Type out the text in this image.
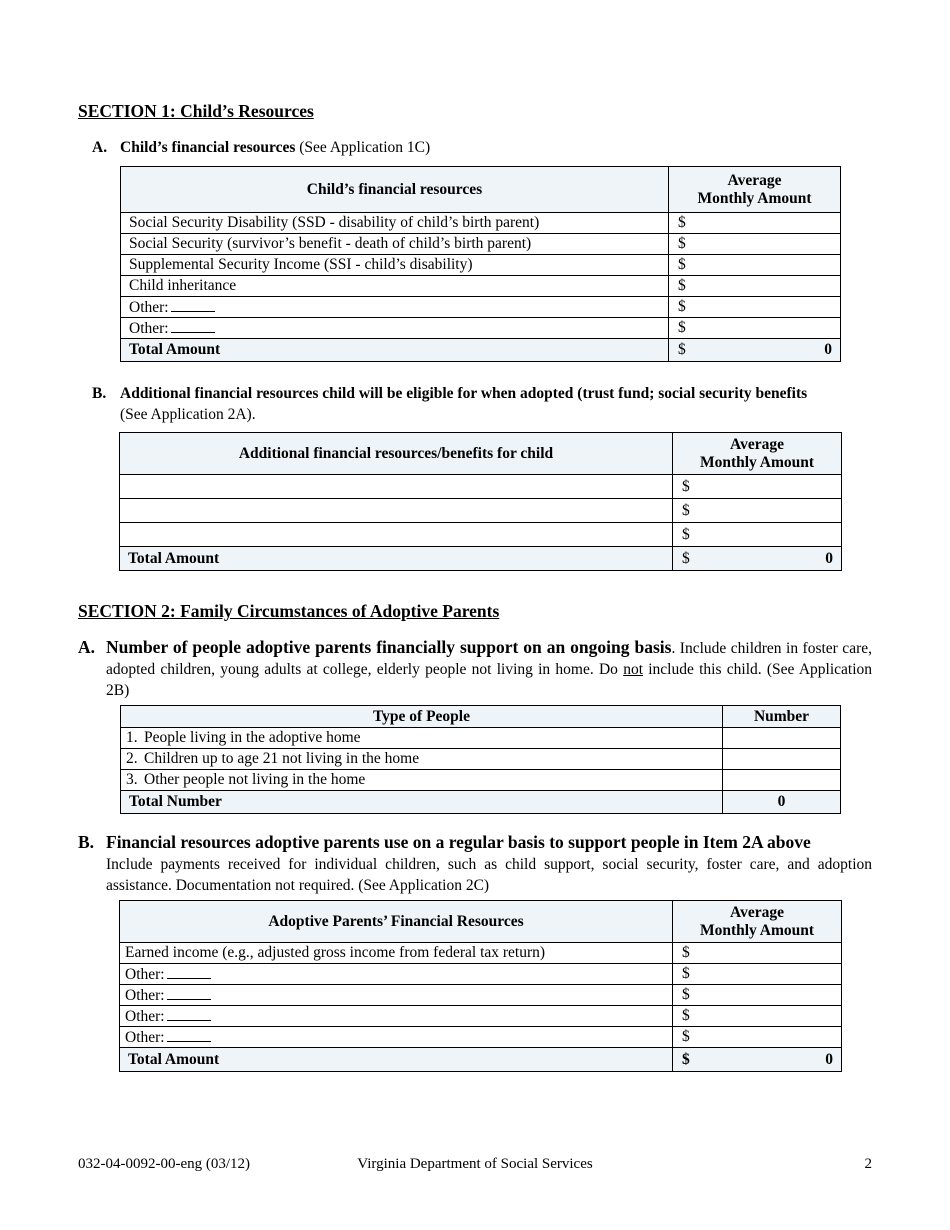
SECTION 1: Child’s Resources
A. Child’s financial resources (See Application 1C)
Child’s financial resources	Average
Monthly Amount
Social Security Disability (SSD - disability of child’s birth parent)	$
Social Security (survivor’s benefit - death of child’s birth parent)	$
Supplemental Security Income (SSI - child’s disability)	$
Child inheritance	$
Other:	$
Other:	$
Total Amount	$ 0
B. Additional financial resources child will be eligible for when adopted (trust fund; social security benefits
(See Application 2A).
Additional financial resources/benefits for child	Average
Monthly Amount
	$
	$
	$
Total Amount	$ 0
SECTION 2: Family Circumstances of Adoptive Parents
A. Number of people adoptive parents financially support on an ongoing basis. Include children in foster care, adopted children, young adults at college, elderly people not living in home. Do not include this child. (See Application 2B)
Type of People	Number
1. People living in the adoptive home	
2. Children up to age 21 not living in the home	
3. Other people not living in the home	
Total Number	0
B. Financial resources adoptive parents use on a regular basis to support people in Item 2A above
Include payments received for individual children, such as child support, social security, foster care, and adoption assistance. Documentation not required. (See Application 2C)
Adoptive Parents’ Financial Resources	Average
Monthly Amount
Earned income (e.g., adjusted gross income from federal tax return)	$
Other:	$
Other:	$
Other:	$
Other:	$
Total Amount	$ 0
032-04-0092-00-eng (03/12)	Virginia Department of Social Services	2
